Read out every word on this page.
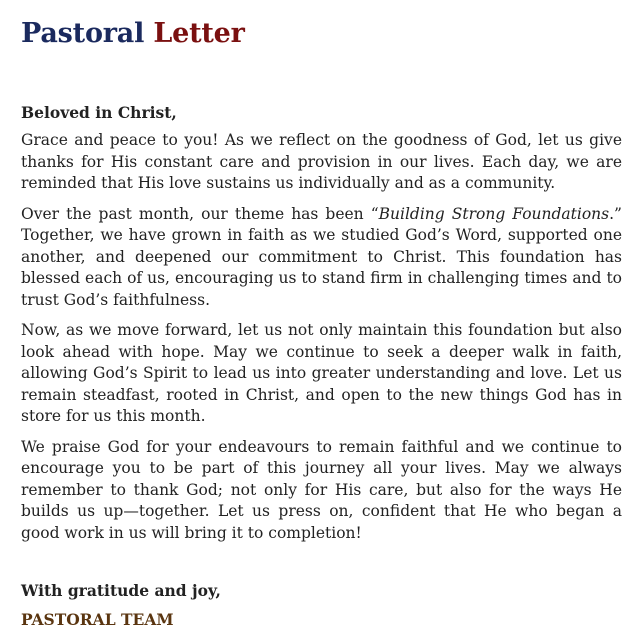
Pastoral Letter

Beloved in Christ,

Grace and peace to you! As we reflect on the goodness of God, let us give thanks for His constant care and provision in our lives. Each day, we are reminded that His love sustains us individually and as a community.

Over the past month, our theme has been “Building Strong Foundations.” Together, we have grown in faith as we studied God’s Word, supported one another, and deepened our commitment to Christ. This foundation has blessed each of us, encouraging us to stand firm in challenging times and to trust God’s faithfulness.

Now, as we move forward, let us not only maintain this foundation but also look ahead with hope. May we continue to seek a deeper walk in faith, allowing God’s Spirit to lead us into greater understanding and love. Let us remain steadfast, rooted in Christ, and open to the new things God has in store for us this month.

We praise God for your endeavours to remain faithful and we continue to encourage you to be part of this journey all your lives. May we always remember to thank God; not only for His care, but also for the ways He builds us up—together. Let us press on, confident that He who began a good work in us will bring it to completion!

With gratitude and joy,

PASTORAL TEAM
